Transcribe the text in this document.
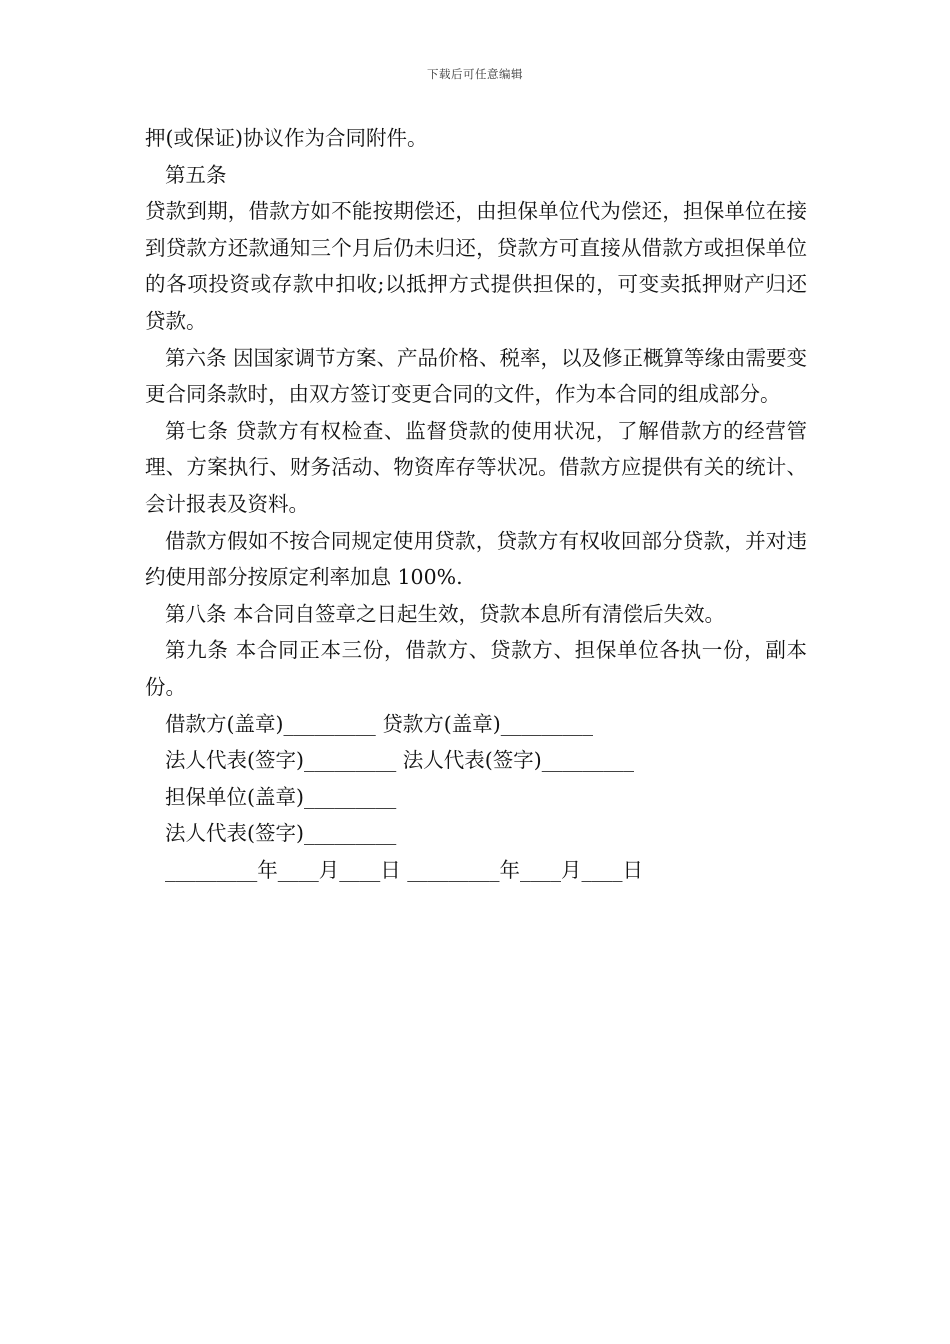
下载后可任意编辑

押(或保证)协议作为合同附件。

第五条

贷款到期，借款方如不能按期偿还，由担保单位代为偿还，担保单位在接到贷款方还款通知三个月后仍未归还，贷款方可直接从借款方或担保单位的各项投资或存款中扣收;以抵押方式提供担保的，可变卖抵押财产归还贷款。

第六条 因国家调节方案、产品价格、税率，以及修正概算等缘由需要变更合同条款时，由双方签订变更合同的文件，作为本合同的组成部分。

第七条 贷款方有权检查、监督贷款的使用状况，了解借款方的经营管理、方案执行、财务活动、物资库存等状况。借款方应提供有关的统计、会计报表及资料。

借款方假如不按合同规定使用贷款，贷款方有权收回部分贷款，并对违约使用部分按原定利率加息 100%.

第八条 本合同自签章之日起生效，贷款本息所有清偿后失效。

第九条 本合同正本三份，借款方、贷款方、担保单位各执一份，副本份。

借款方(盖章)_________ 贷款方(盖章)_________

法人代表(签字)_________ 法人代表(签字)_________

担保单位(盖章)_________

法人代表(签字)_________

_________年____月____日 _________年____月____日
